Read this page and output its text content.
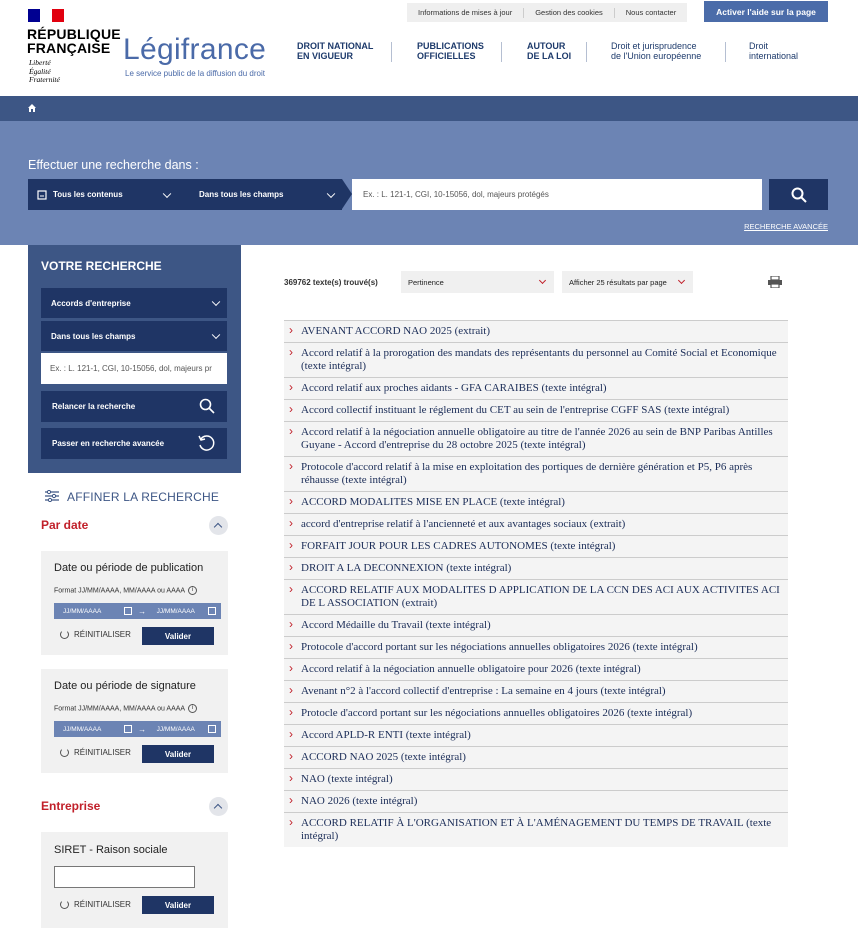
RÉPUBLIQUE
FRANÇAISE
Liberté
Égalité
Fraternité
Légifrance
Le service public de la diffusion du droit
Informations de mises à jour	Gestion des cookies	Nous contacter	Activer l'aide sur la page
DROIT NATIONAL
EN VIGUEUR
PUBLICATIONS
OFFICIELLES
AUTOUR
DE LA LOI
Droit et jurisprudence
de l'Union européenne
Droit
international
Effectuer une recherche dans :
Tous les contenus	Dans tous les champs	Ex. : L. 121-1, CGI, 10-15056, dol, majeurs protégés
RECHERCHE AVANCÉE
VOTRE RECHERCHE
Accords d'entreprise
Dans tous les champs
Ex. : L. 121-1, CGI, 10-15056, dol, majeurs pr
Relancer la recherche
Passer en recherche avancée
AFFINER LA RECHERCHE
Par date
Date ou période de publication
Format JJ/MM/AAAA, MM/AAAA ou AAAA i
JJ/MM/AAAA	→	JJ/MM/AAAA
RÉINITIALISER	Valider
Date ou période de signature
Format JJ/MM/AAAA, MM/AAAA ou AAAA i
JJ/MM/AAAA	→	JJ/MM/AAAA
RÉINITIALISER	Valider
Entreprise
SIRET - Raison sociale
RÉINITIALISER	Valider
369762 texte(s) trouvé(s)	Pertinence	Afficher 25 résultats par page
› AVENANT ACCORD NAO 2025 (extrait)
› Accord relatif à la prorogation des mandats des représentants du personnel au Comité Social et Economique (texte intégral)
› Accord relatif aux proches aidants - GFA CARAIBES (texte intégral)
› Accord collectif instituant le réglement du CET au sein de l'entreprise CGFF SAS (texte intégral)
› Accord relatif à la négociation annuelle obligatoire au titre de l'année 2026 au sein de BNP Paribas Antilles Guyane - Accord d'entreprise du 28 octobre 2025 (texte intégral)
› Protocole d'accord relatif à la mise en exploitation des portiques de dernière génération et P5, P6 après réhausse (texte intégral)
› ACCORD MODALITES MISE EN PLACE (texte intégral)
› accord d'entreprise relatif à l'ancienneté et aux avantages sociaux (extrait)
› FORFAIT JOUR POUR LES CADRES AUTONOMES (texte intégral)
› DROIT A LA DECONNEXION (texte intégral)
› ACCORD RELATIF AUX MODALITES D APPLICATION DE LA CCN DES ACI AUX ACTIVITES ACI DE L ASSOCIATION (extrait)
› Accord Médaille du Travail (texte intégral)
› Protocole d'accord portant sur les négociations annuelles obligatoires 2026 (texte intégral)
› Accord relatif à la négociation annuelle obligatoire pour 2026 (texte intégral)
› Avenant n°2 à l'accord collectif d'entreprise : La semaine en 4 jours (texte intégral)
› Protocle d'accord portant sur les négociations annuelles obligatoires 2026 (texte intégral)
› Accord APLD-R ENTI (texte intégral)
› ACCORD NAO 2025 (texte intégral)
› NAO (texte intégral)
› NAO 2026 (texte intégral)
› ACCORD RELATIF À L'ORGANISATION ET À L'AMÉNAGEMENT DU TEMPS DE TRAVAIL (texte intégral)
